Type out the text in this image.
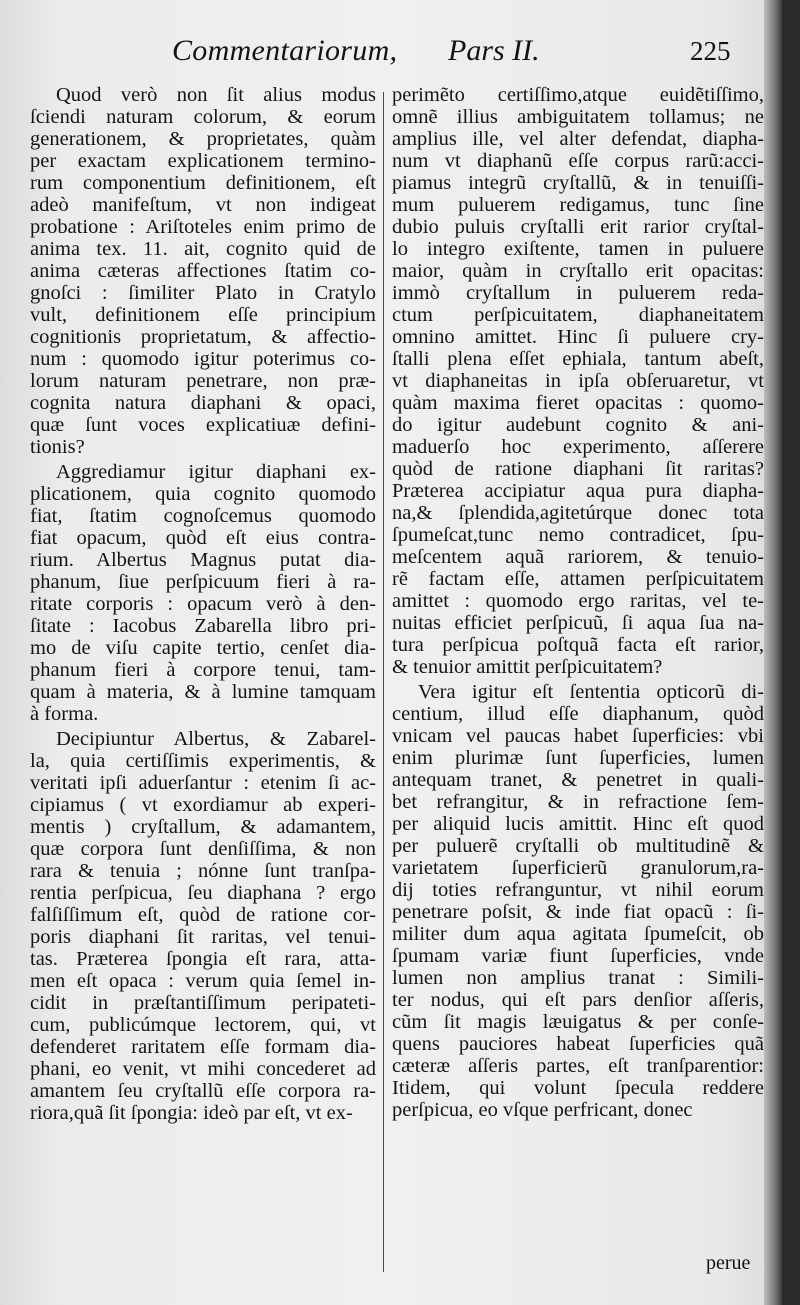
Commentariorum, Pars II.	225
Quod verò non ſit alius modus
ſciendi naturam colorum, & eorum
generationem, & proprietates, quàm
per exactam explicationem termino-
rum componentium definitionem, eſt
adeò manifeſtum, vt non indigeat
probatione : Ariſtoteles enim primo de
anima tex. 11. ait, cognito quid de
anima cæteras affectiones ſtatim co-
gnoſci : ſimiliter Plato in Cratylo
vult, definitionem eſſe principium
cognitionis proprietatum, & affectio-
num : quomodo igitur poterimus co-
lorum naturam penetrare, non præ-
cognita natura diaphani & opaci,
quæ ſunt voces explicatiuæ defini-
tionis?
Aggrediamur igitur diaphani ex-
plicationem, quia cognito quomodo
fiat, ſtatim cognoſcemus quomodo
fiat opacum, quòd eſt eius contra-
rium. Albertus Magnus putat dia-
phanum, ſiue perſpicuum fieri à ra-
ritate corporis : opacum verò à den-
ſitate : Iacobus Zabarella libro pri-
mo de viſu capite tertio, cenſet dia-
phanum fieri à corpore tenui, tam-
quam à materia, & à lumine tamquam
à forma.
Decipiuntur Albertus, & Zabarel-
la, quia certiſſimis experimentis, &
veritati ipſi aduerſantur : etenim ſi ac-
cipiamus ( vt exordiamur ab experi-
mentis ) cryſtallum, & adamantem,
quæ corpora ſunt denſiſſima, & non
rara & tenuia ; nónne ſunt tranſpa-
rentia perſpicua, ſeu diaphana ? ergo
falſiſſimum eſt, quòd de ratione cor-
poris diaphani ſit raritas, vel tenui-
tas. Præterea ſpongia eſt rara, atta-
men eſt opaca : verum quia ſemel in-
cidit in præſtantiſſimum peripateti-
cum, publicúmque lectorem, qui, vt
defenderet raritatem eſſe formam dia-
phani, eo venit, vt mihi concederet ad
amantem ſeu cryſtallũ eſſe corpora ra-
riora,quã ſit ſpongia: ideò par eſt, vt ex-
perimẽto certiſſimo,atque euidẽtiſſimo,
omnẽ illius ambiguitatem tollamus; ne
amplius ille, vel alter defendat, diapha-
num vt diaphanũ eſſe corpus rarũ:acci-
piamus integrũ cryſtallũ, & in tenuiſſi-
mum puluerem redigamus, tunc ſine
dubio puluis cryſtalli erit rarior cryſtal-
lo integro exiſtente, tamen in puluere
maior, quàm in cryſtallo erit opacitas:
immò cryſtallum in puluerem reda-
ctum perſpicuitatem, diaphaneitatem
omnino amittet. Hinc ſi puluere cry-
ſtalli plena eſſet ephiala, tantum abeſt,
vt diaphaneitas in ipſa obſeruaretur, vt
quàm maxima fieret opacitas : quomo-
do igitur audebunt cognito & ani-
maduerſo hoc experimento, aſſerere
quòd de ratione diaphani ſit raritas?
Præterea accipiatur aqua pura diapha-
na,& ſplendida,agitetúrque donec tota
ſpumeſcat,tunc nemo contradicet, ſpu-
meſcentem aquã rariorem, & tenuio-
rẽ factam eſſe, attamen perſpicuitatem
amittet : quomodo ergo raritas, vel te-
nuitas efficiet perſpicuũ, ſi aqua ſua na-
tura perſpicua poſtquã facta eſt rarior,
& tenuior amittit perſpicuitatem?
Vera igitur eſt ſententia opticorũ di-
centium, illud eſſe diaphanum, quòd
vnicam vel paucas habet ſuperficies: vbi
enim plurimæ ſunt ſuperficies, lumen
antequam tranet, & penetret in quali-
bet refrangitur, & in refractione ſem-
per aliquid lucis amittit. Hinc eſt quod
per puluerẽ cryſtalli ob multitudinẽ &
varietatem ſuperficierũ granulorum,ra-
dij toties refranguntur, vt nihil eorum
penetrare poſsit, & inde fiat opacũ : ſi-
militer dum aqua agitata ſpumeſcit, ob
ſpumam variæ fiunt ſuperficies, vnde
lumen non amplius tranat : Simili-
ter nodus, qui eſt pars denſior aſſeris,
cũm ſit magis læuigatus & per conſe-
quens pauciores habeat ſuperficies quã
cæteræ aſſeris partes, eſt tranſparentior:
Itidem, qui volunt ſpecula reddere
perſpicua, eo vſque perfricant, donec
perue
